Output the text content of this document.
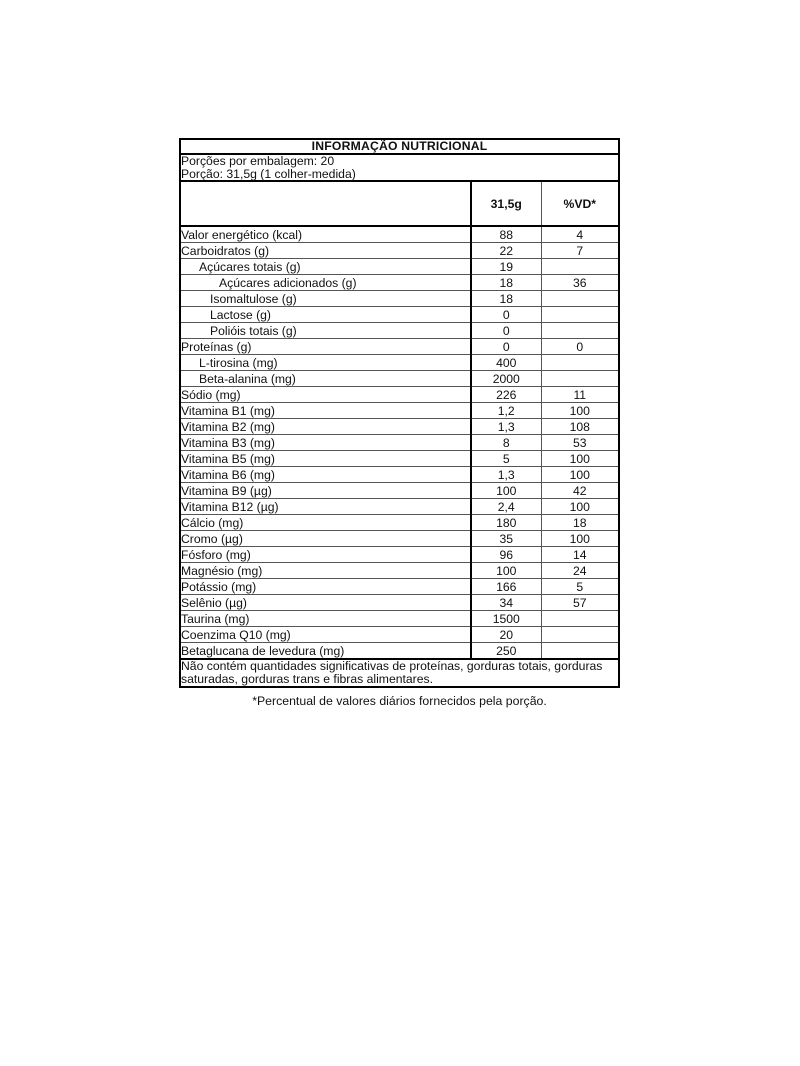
INFORMAÇÃO NUTRICIONAL		

Porções por embalagem: 20
Porção: 31,5g (1 colher-medida)		

	31,5g	%VD*
Valor energético (kcal)	88	4
Carboidratos (g)	22	7
Açúcares totais (g)	19	
Açúcares adicionados (g)	18	36
Isomaltulose (g)	18	
Lactose (g)	0	
Polióis totais (g)	0	
Proteínas (g)	0	0
L-tirosina (mg)	400	
Beta-alanina (mg)	2000	
Sódio (mg)	226	11
Vitamina B1 (mg)	1,2	100
Vitamina B2 (mg)	1,3	108
Vitamina B3 (mg)	8	53
Vitamina B5 (mg)	5	100
Vitamina B6 (mg)	1,3	100
Vitamina B9 (µg)	100	42
Vitamina B12 (µg)	2,4	100
Cálcio (mg)	180	18
Cromo (µg)	35	100
Fósforo (mg)	96	14
Magnésio (mg)	100	24
Potássio (mg)	166	5
Selênio (µg)	34	57
Taurina (mg)	1500	
Coenzima Q10 (mg)	20	
Betaglucana de levedura (mg)	250	
Não contém quantidades significativas de proteínas, gorduras totais, gorduras saturadas, gorduras trans e fibras alimentares.		
*Percentual de valores diários fornecidos pela porção.
